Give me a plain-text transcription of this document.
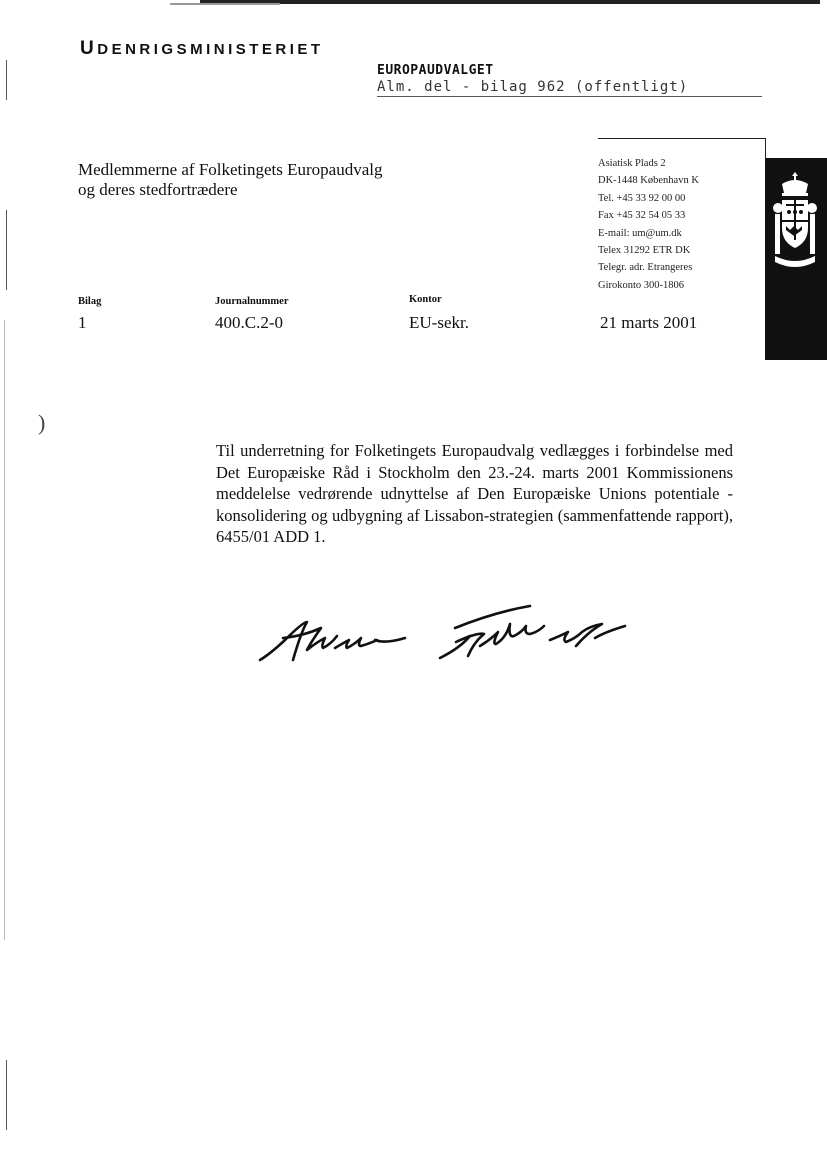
)
UDENRIGSMINISTERIET
EUROPAUDVALGET
Alm. del - bilag 962 (offentligt)
Medlemmerne af Folketingets Europaudvalg
og deres stedfortrædere
Asiatisk Plads 2
DK-1448 København K
Tel. +45 33 92 00 00
Fax +45 32 54 05 33
E-mail: um@um.dk
Telex 31292 ETR DK
Telegr. adr. Etrangeres
Girokonto 300-1806
Bilag
1
Journalnummer
400.C.2-0
Kontor
EU-sekr.	21 marts 2001
Til underretning for Folketingets Europaudvalg vedlægges i forbindelse med Det Europæiske Råd i Stockholm den 23.-24. marts 2001 Kommissionens meddelelse vedrørende udnyttelse af Den Europæiske Unions potentiale - konsolidering og udbygning af Lissabon-strategien (sammenfattende rapport), 6455/01 ADD 1.
